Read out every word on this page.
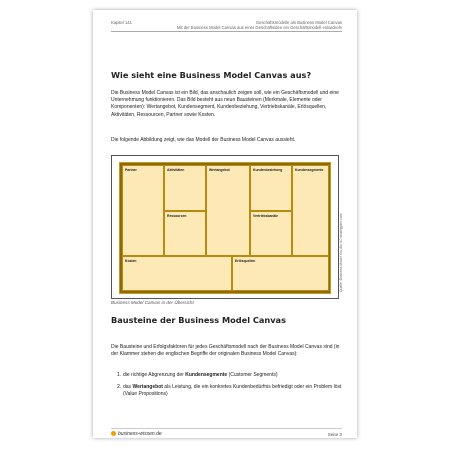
Kapitel 141	Geschäftsmodelle als Business Model Canvas
Mit der Business Model Canvas aus einer Geschäftsidee ein Geschäftsmodell entwickeln
Wie sieht eine Business Model Canvas aus?
Die Business Model Canvas ist ein Bild, das anschaulich zeigen soll, wie ein Geschäftsmodell und eine Unternehmung funktionieren. Das Bild besteht aus neun Bausteinen (Merkmale, Elemente oder Komponenten): Wertangebot, Kundensegment, Kundenbeziehung, Vertriebskanäle, Erlösquellen, Aktivitäten, Ressourcen, Partner sowie Kosten.
Die folgende Abbildung zeigt, wie das Modell der Business Model Canvas aussieht.
Partner	Aktivitäten
Ressourcen
Wertangebot	Kundenbeziehung
Vertriebskanäle
Kundensegmente
Kosten	Erlösquellen	Quelle: Business Model You Alo 4.0 strategyzer.com
Business Model Canvas in der Übersicht
Bausteine der Business Model Canvas
Die Bausteine und Erfolgsfaktoren für jedes Geschäftsmodell nach der Business Model Canvas sind (in der Klammer stehen die englischen Begriffe der originalen Business Model Canvas):
1. die richtige Abgrenzung der Kundensegmente (Customer Segments)
2. das Wertangebot als Leistung, die ein konkretes Kundenbedürfnis befriedigt oder ein Problem löst (Value Propositions)
business-wissen.de	Seite 3
